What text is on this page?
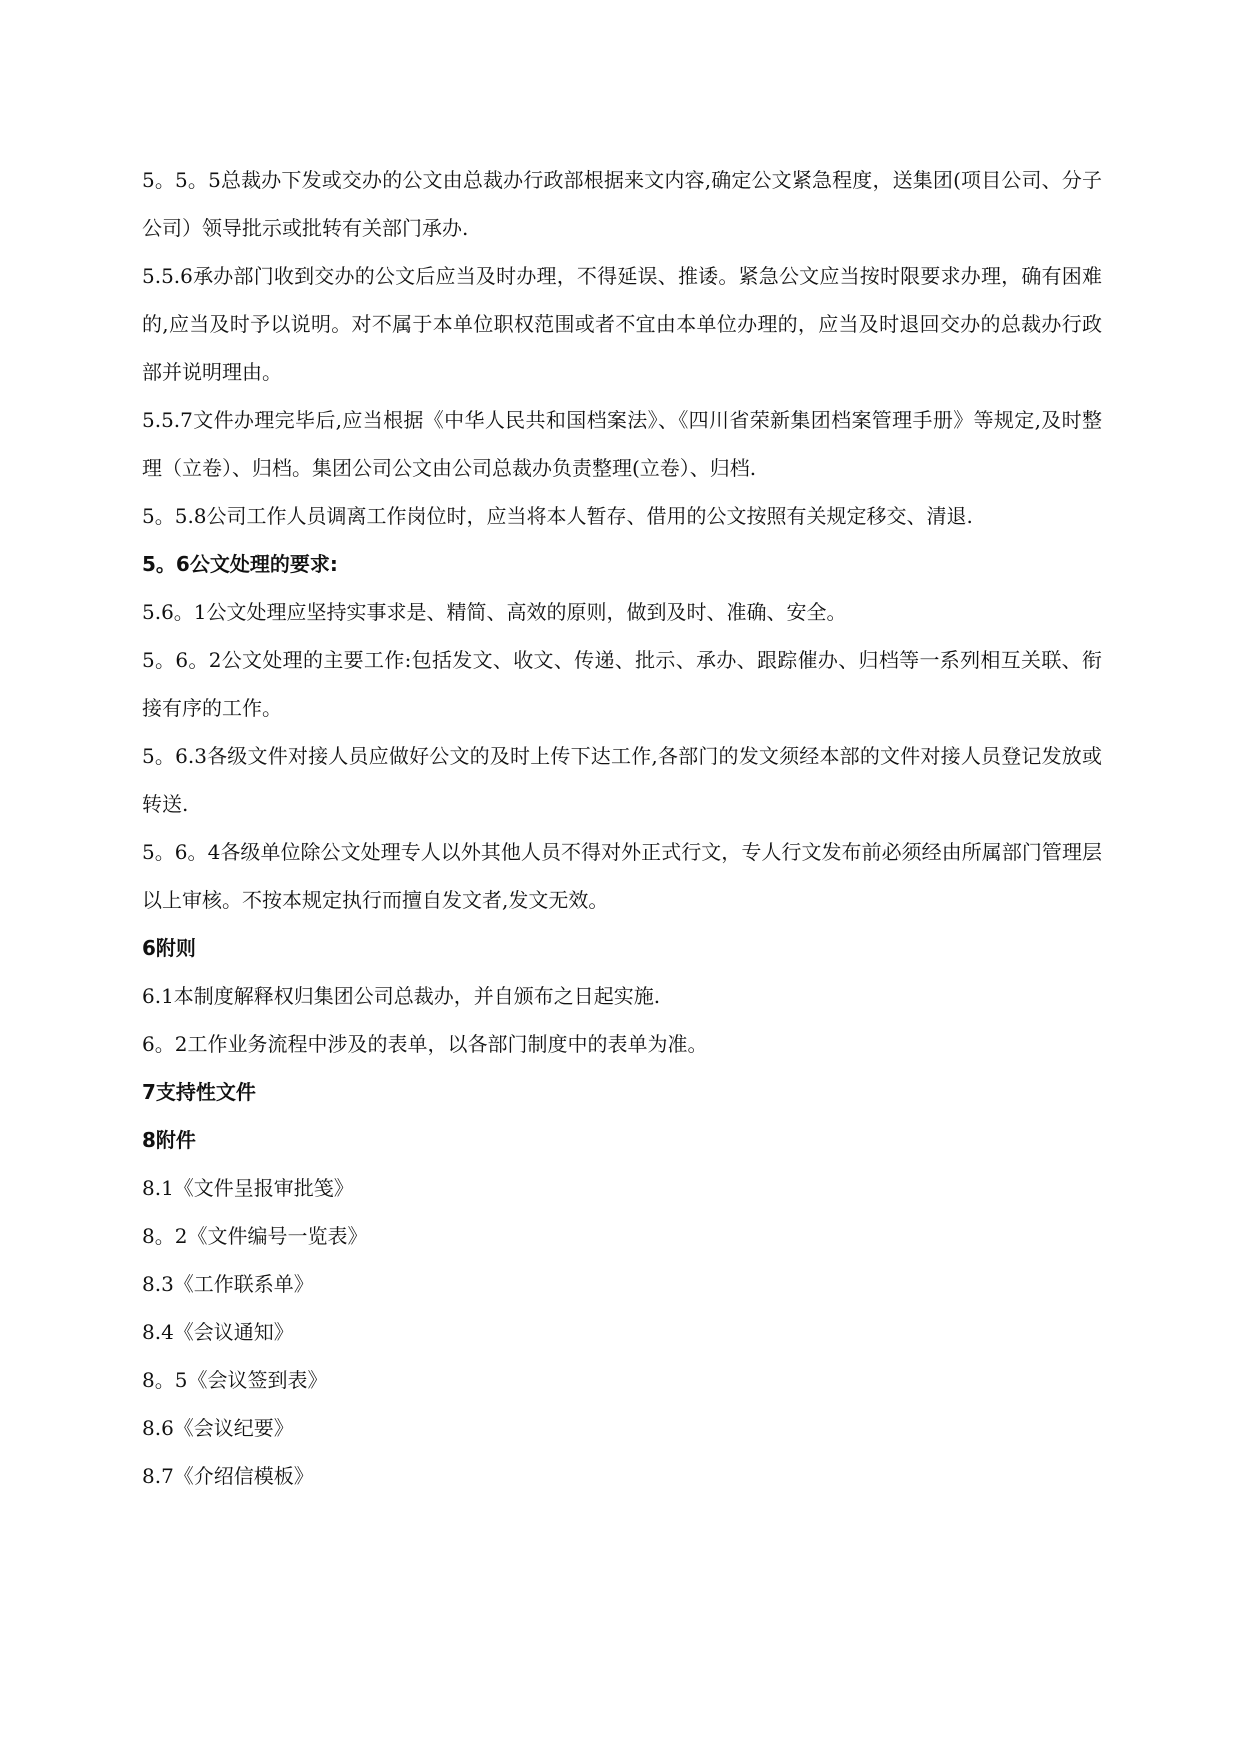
5。5。5总裁办下发或交办的公文由总裁办行政部根据来文内容,确定公文紧急程度，送集团(项目公司、分子公司）领导批示或批转有关部门承办.

5.5.6承办部门收到交办的公文后应当及时办理，不得延误、推诿。紧急公文应当按时限要求办理，确有困难的,应当及时予以说明。对不属于本单位职权范围或者不宜由本单位办理的，应当及时退回交办的总裁办行政部并说明理由。

5.5.7文件办理完毕后,应当根据《中华人民共和国档案法》、《四川省荣新集团档案管理手册》等规定,及时整理（立卷）、归档。集团公司公文由公司总裁办负责整理(立卷）、归档.

5。5.8公司工作人员调离工作岗位时，应当将本人暂存、借用的公文按照有关规定移交、清退.

5。6公文处理的要求:

5.6。1公文处理应坚持实事求是、精简、高效的原则，做到及时、准确、安全。

5。6。2公文处理的主要工作:包括发文、收文、传递、批示、承办、跟踪催办、归档等一系列相互关联、衔接有序的工作。

5。6.3各级文件对接人员应做好公文的及时上传下达工作,各部门的发文须经本部的文件对接人员登记发放或转送.

5。6。4各级单位除公文处理专人以外其他人员不得对外正式行文，专人行文发布前必须经由所属部门管理层以上审核。不按本规定执行而擅自发文者,发文无效。

6附则

6.1本制度解释权归集团公司总裁办，并自颁布之日起实施.

6。2工作业务流程中涉及的表单，以各部门制度中的表单为准。

7支持性文件

8附件

8.1《文件呈报审批笺》

8。2《文件编号一览表》

8.3《工作联系单》

8.4《会议通知》

8。5《会议签到表》

8.6《会议纪要》

8.7《介绍信模板》
